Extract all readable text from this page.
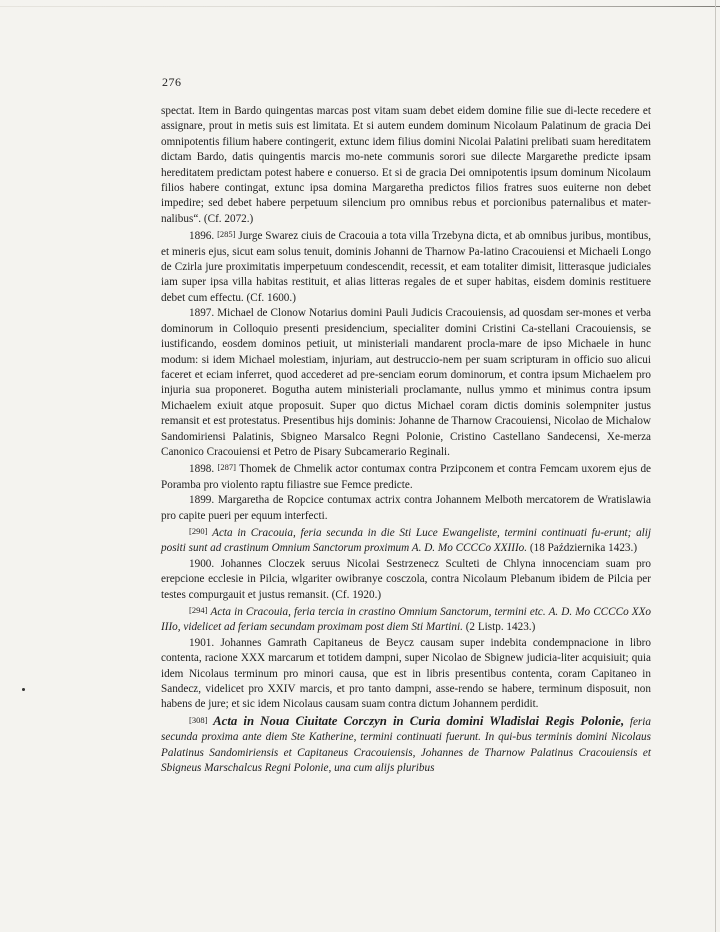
276

spectat. Item in Bardo quingentas marcas post vitam suam debet eidem domine filie sue di-lecte recedere et assignare, prout in metis suis est limitata. Et si autem eundem dominum Nicolaum Palatinum de gracia Dei omnipotentis filium habere contingerit, extunc idem filius domini Nicolai Palatini prelibati suam hereditatem dictam Bardo, datis quingentis marcis mo-nete communis sorori sue dilecte Margarethe predicte ipsam hereditatem predictam potest habere e conuerso. Et si de gracia Dei omnipotentis ipsum dominum Nicolaum filios habere contingat, extunc ipsa domina Margaretha predictos filios fratres suos euiterne non debet impedire; sed debet habere perpetuum silencium pro omnibus rebus et porcionibus paternalibus et mater-nalibus“. (Cf. 2072.)

1896. [285] Jurge Swarez ciuis de Cracouia a tota villa Trzebyna dicta, et ab omnibus juribus, montibus, et mineris ejus, sicut eam solus tenuit, dominis Johanni de Tharnow Pa-latino Cracouiensi et Michaeli Longo de Czirla jure proximitatis imperpetuum condescendit, recessit, et eam totaliter dimisit, litterasque judiciales iam super ipsa villa habitas restituit, et alias litteras regales de et super habitas, eisdem dominis restituere debet cum effectu. (Cf. 1600.)

1897. Michael de Clonow Notarius domini Pauli Judicis Cracouiensis, ad quosdam ser-mones et verba dominorum in Colloquio presenti presidencium, specialiter domini Cristini Ca-stellani Cracouiensis, se iustificando, eosdem dominos petiuit, ut ministeriali mandarent procla-mare de ipso Michaele in hunc modum: si idem Michael molestiam, injuriam, aut destruccio-nem per suam scripturam in officio suo alicui faceret et eciam inferret, quod accederet ad pre-senciam eorum dominorum, et contra ipsum Michaelem pro injuria sua proponeret. Bogutha autem ministeriali proclamante, nullus ymmo et minimus contra ipsum Michaelem exiuit atque proposuit. Super quo dictus Michael coram dictis dominis solempniter justus remansit et est protestatus. Presentibus hijs dominis: Johanne de Tharnow Cracouiensi, Nicolao de Michalow Sandomiriensi Palatinis, Sbigneo Marsalco Regni Polonie, Cristino Castellano Sandecensi, Xe-merza Canonico Cracouiensi et Petro de Pisary Subcamerario Reginali.

1898. [287] Thomek de Chmelik actor contumax contra Przipconem et contra Femcam uxorem ejus de Poramba pro violento raptu filiastre sue Femce predicte.

1899. Margaretha de Ropcice contumax actrix contra Johannem Melboth mercatorem de Wratislawia pro capite pueri per equum interfecti.

[290] Acta in Cracouia, feria secunda in die Sti Luce Ewangeliste, termini continuati fu-erunt; alij positi sunt ad crastinum Omnium Sanctorum proximum A. D. Mo CCCCo XXIIIo. (18 Października 1423.)

1900. Johannes Cloczek seruus Nicolai Sestrzenecz Sculteti de Chlyna innocenciam suam pro erepcione ecclesie in Pilcia, wlgariter owibranye cosczola, contra Nicolaum Plebanum ibidem de Pilcia per testes compurgauit et justus remansit. (Cf. 1920.)

[294] Acta in Cracouia, feria tercia in crastino Omnium Sanctorum, termini etc. A. D. Mo CCCCo XXo IIIo, videlicet ad feriam secundam proximam post diem Sti Martini. (2 Listp. 1423.)

1901. Johannes Gamrath Capitaneus de Beycz causam super indebita condempnacione in libro contenta, racione XXX marcarum et totidem dampni, super Nicolao de Sbignew judicia-liter acquisiuit; quia idem Nicolaus terminum pro minori causa, que est in libris presentibus contenta, coram Capitaneo in Sandecz, videlicet pro XXIV marcis, et pro tanto dampni, asse-rendo se habere, terminum disposuit, non habens de jure; et sic idem Nicolaus causam suam contra dictum Johannem perdidit.

[308] Acta in Noua Ciuitate Corczyn in Curia domini Wladislai Regis Polonie, feria secunda proxima ante diem Ste Katherine, termini continuati fuerunt. In qui-bus terminis domini Nicolaus Palatinus Sandomiriensis et Capitaneus Cracouiensis, Johannes de Tharnow Palatinus Cracouiensis et Sbigneus Marschalcus Regni Polonie, una cum alijs pluribus
